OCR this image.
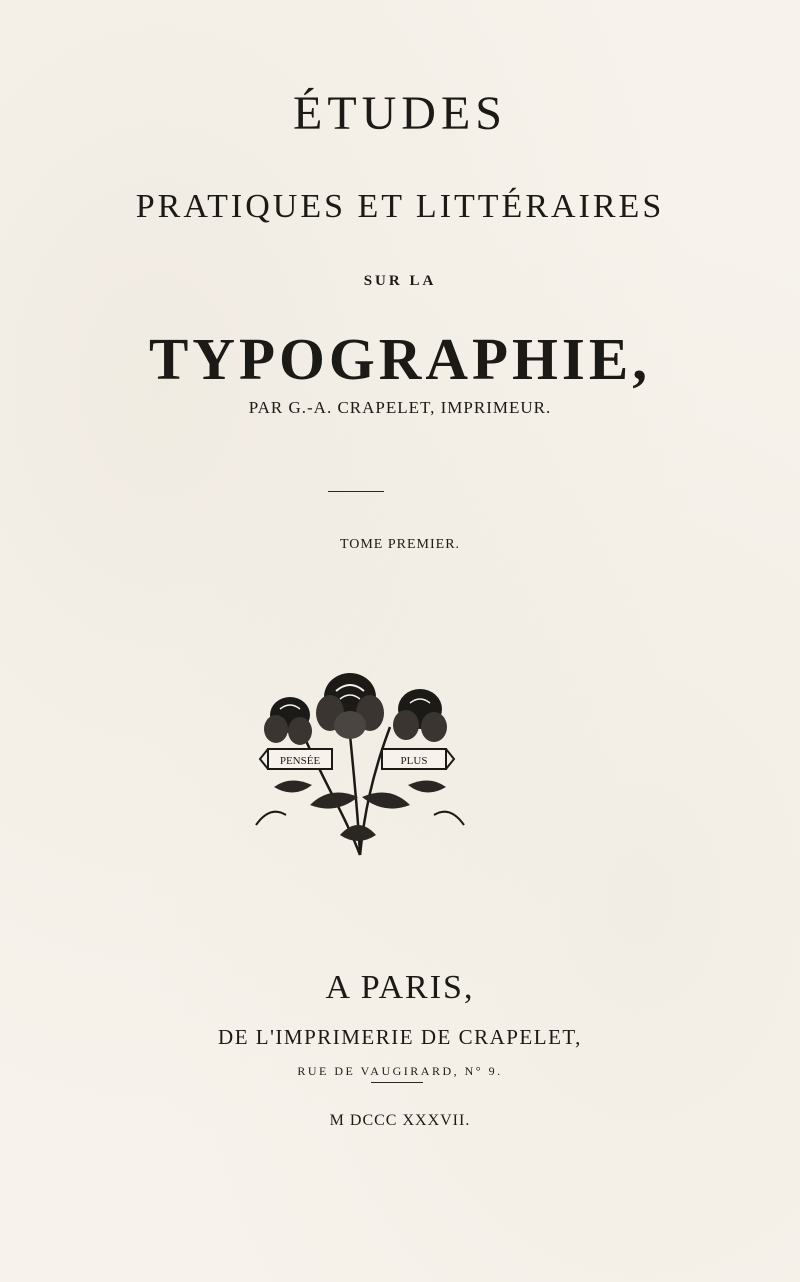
ÉTUDES
PRATIQUES ET LITTÉRAIRES
SUR LA
TYPOGRAPHIE,
PAR G.-A. CRAPELET, IMPRIMEUR.
TOME PREMIER.
PENSÉE	PLUS
A PARIS,
DE L'IMPRIMERIE DE CRAPELET,
RUE DE VAUGIRARD, N° 9.
M DCCC XXXVII.
